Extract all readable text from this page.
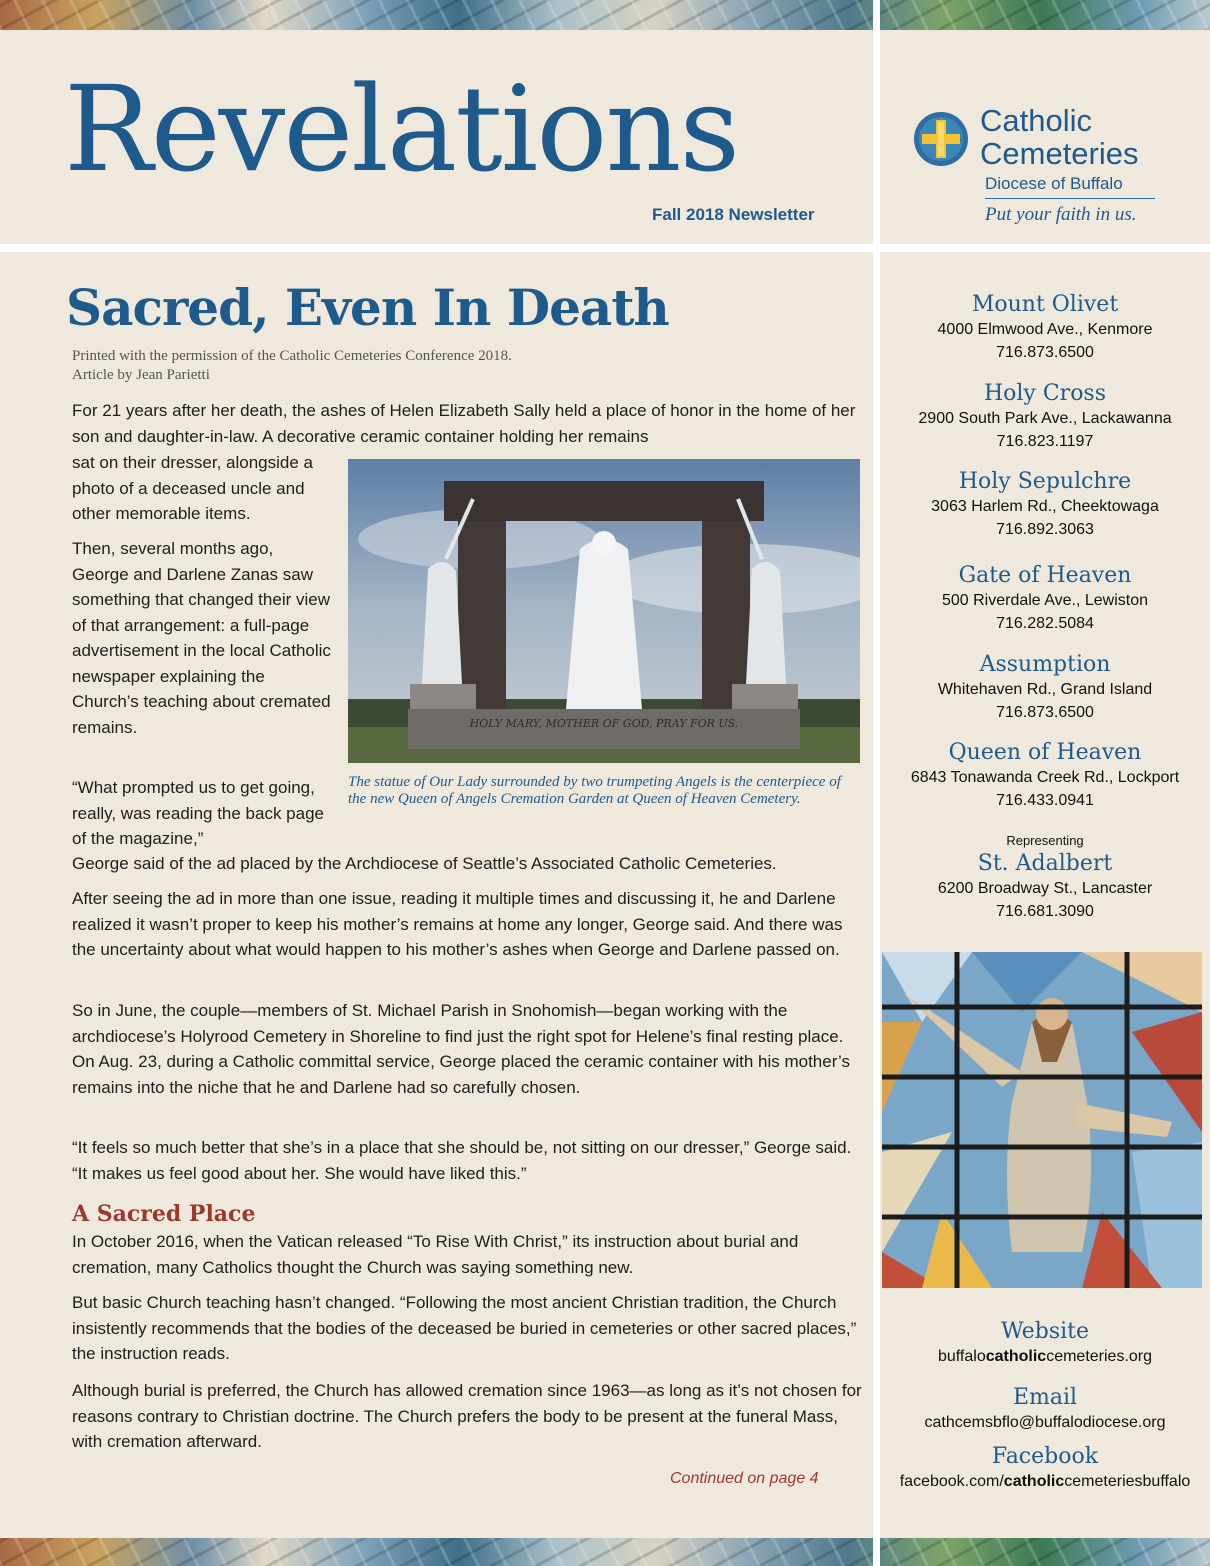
Revelations
Fall 2018 Newsletter
Catholic
Cemeteries
Diocese of Buffalo
Put your faith in us.
Sacred, Even In Death
Printed with the permission of the Catholic Cemeteries Conference 2018.
Article by Jean Parietti

For 21 years after her death, the ashes of Helen Elizabeth Sally held a place of honor in the home of her son and daughter-in-law. A decorative ceramic container holding her remains

sat on their dresser, alongside a photo of a deceased uncle and other memorable items.

Then, several months ago, George and Darlene Zanas saw something that changed their view of that arrangement: a full-page advertisement in the local Catholic newspaper explaining the Church’s teaching about cremated remains.

“What prompted us to get going, really, was reading the back page of the magazine,”

George said of the ad placed by the Archdiocese of Seattle’s Associated Catholic Cemeteries.

After seeing the ad in more than one issue, reading it multiple times and discussing it, he and Darlene realized it wasn’t proper to keep his mother’s remains at home any longer, George said. And there was the uncertainty about what would happen to his mother’s ashes when George and Darlene passed on.

So in June, the couple—members of St. Michael Parish in Snohomish—began working with the archdiocese’s Holyrood Cemetery in Shoreline to find just the right spot for Helene’s final resting place. On Aug. 23, during a Catholic committal service, George placed the ceramic container with his mother’s remains into the niche that he and Darlene had so carefully chosen.

“It feels so much better that she’s in a place that she should be, not sitting on our dresser,” George said. “It makes us feel good about her. She would have liked this.”

A Sacred Place

In October 2016, when the Vatican released “To Rise With Christ,” its instruction about burial and cremation, many Catholics thought the Church was saying something new.

But basic Church teaching hasn’t changed. “Following the most ancient Christian tradition, the Church insistently recommends that the bodies of the deceased be buried in cemeteries or other sacred places,” the instruction reads.

Although burial is preferred, the Church has allowed cremation since 1963—as long as it’s not chosen for reasons contrary to Christian doctrine. The Church prefers the body to be present at the funeral Mass, with cremation afterward.

Continued on page 4
HOLY MARY, MOTHER OF GOD, PRAY FOR US.
The statue of Our Lady surrounded by two trumpeting Angels is the centerpiece of the new Queen of Angels Cremation Garden at Queen of Heaven Cemetery.
Mount Olivet
4000 Elmwood Ave., Kenmore
716.873.6500
Holy Cross
2900 South Park Ave., Lackawanna
716.823.1197
Holy Sepulchre
3063 Harlem Rd., Cheektowaga
716.892.3063
Gate of Heaven
500 Riverdale Ave., Lewiston
716.282.5084
Assumption
Whitehaven Rd., Grand Island
716.873.6500
Queen of Heaven
6843 Tonawanda Creek Rd., Lockport
716.433.0941
Representing
St. Adalbert
6200 Broadway St., Lancaster
716.681.3090
Website
buffalocatholiccemeteries.org
Email
cathcemsbflo@buffalodiocese.org
Facebook
facebook.com/catholiccemeteriesbuffalo
